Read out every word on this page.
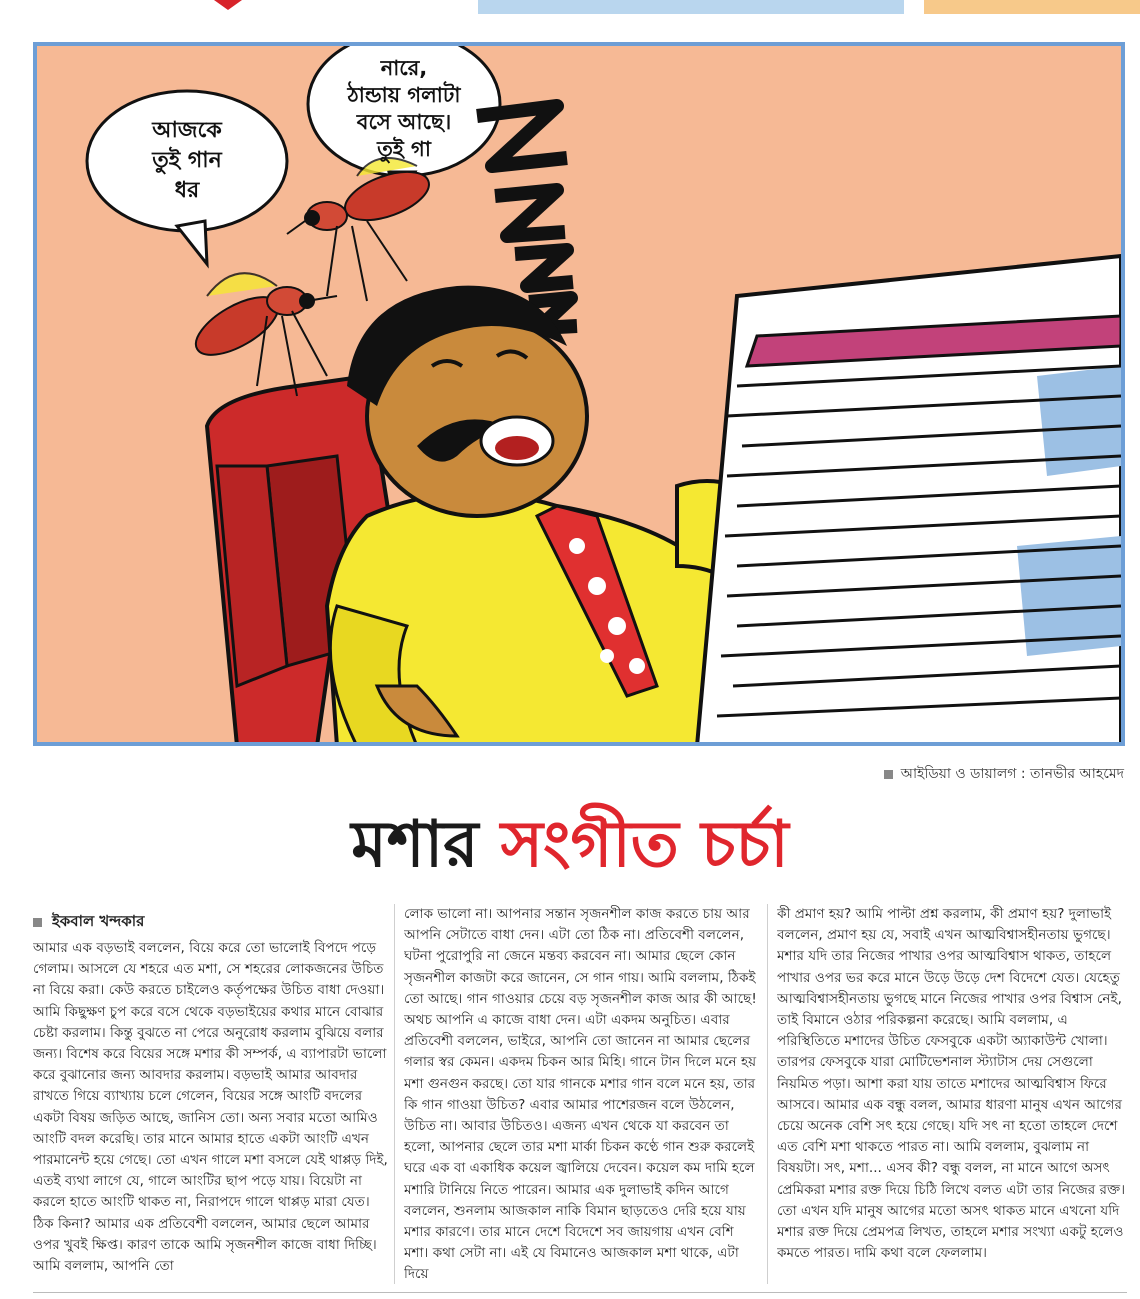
আজকে
তুই গান
ধর
নারে,
ঠান্ডায় গলাটা
বসে আছে।
তুই গা
আইডিয়া ও ডায়ালগ : তানভীর আহমেদ
মশার সংগীত চর্চা
ইকবাল খন্দকার

আমার এক বড়ভাই বললেন, বিয়ে করে তো ভালোই বিপদে পড়ে গেলাম। আসলে যে শহরে এত মশা, সে শহরের লোকজনের উচিত না বিয়ে করা। কেউ করতে চাইলেও কর্তৃপক্ষের উচিত বাধা দেওয়া। আমি কিছুক্ষণ চুপ করে বসে থেকে বড়ভাইয়ের কথার মানে বোঝার চেষ্টা করলাম। কিন্তু বুঝতে না পেরে অনুরোধ করলাম বুঝিয়ে বলার জন্য। বিশেষ করে বিয়ের সঙ্গে মশার কী সম্পর্ক, এ ব্যাপারটা ভালো করে বুঝানোর জন্য আবদার করলাম। বড়ভাই আমার আবদার রাখতে গিয়ে ব্যাখ্যায় চলে গেলেন, বিয়ের সঙ্গে আংটি বদলের একটা বিষয় জড়িত আছে, জানিস তো। অন্য সবার মতো আমিও আংটি বদল করেছি। তার মানে আমার হাতে একটা আংটি এখন পারমানেন্ট হয়ে গেছে। তো এখন গালে মশা বসলে যেই থাপ্পড় দিই, এতই ব্যথা লাগে যে, গালে আংটির ছাপ পড়ে যায়। বিয়েটা না করলে হাতে আংটি থাকত না, নিরাপদে গালে থাপ্পড় মারা যেত। ঠিক কিনা? আমার এক প্রতিবেশী বললেন, আমার ছেলে আমার ওপর খুবই ক্ষিপ্ত। কারণ তাকে আমি সৃজনশীল কাজে বাধা দিচ্ছি। আমি বললাম, আপনি তো

লোক ভালো না। আপনার সন্তান সৃজনশীল কাজ করতে চায় আর আপনি সেটাতে বাধা দেন। এটা তো ঠিক না। প্রতিবেশী বললেন, ঘটনা পুরোপুরি না জেনে মন্তব্য করবেন না। আমার ছেলে কোন সৃজনশীল কাজটা করে জানেন, সে গান গায়। আমি বললাম, ঠিকই তো আছে। গান গাওয়ার চেয়ে বড় সৃজনশীল কাজ আর কী আছে! অথচ আপনি এ কাজে বাধা দেন। এটা একদম অনুচিত। এবার প্রতিবেশী বললেন, ভাইরে, আপনি তো জানেন না আমার ছেলের গলার স্বর কেমন। একদম চিকন আর মিহি। গানে টান দিলে মনে হয় মশা গুনগুন করছে। তো যার গানকে মশার গান বলে মনে হয়, তার কি গান গাওয়া উচিত? এবার আমার পাশেরজন বলে উঠলেন, উচিত না। আবার উচিতও। এজন্য এখন থেকে যা করবেন তা হলো, আপনার ছেলে তার মশা মার্কা চিকন কণ্ঠে গান শুরু করলেই ঘরে এক বা একাধিক কয়েল জ্বালিয়ে দেবেন। কয়েল কম দামি হলে মশারি টানিয়ে নিতে পারেন। আমার এক দুলাভাই কদিন আগে বললেন, শুনলাম আজকাল নাকি বিমান ছাড়তেও দেরি হয়ে যায় মশার কারণে। তার মানে দেশে বিদেশে সব জায়গায় এখন বেশি মশা। কথা সেটা না। এই যে বিমানেও আজকাল মশা থাকে, এটা দিয়ে

কী প্রমাণ হয়? আমি পাল্টা প্রশ্ন করলাম, কী প্রমাণ হয়? দুলাভাই বললেন, প্রমাণ হয় যে, সবাই এখন আত্মবিশ্বাসহীনতায় ভুগছে। মশার যদি তার নিজের পাখার ওপর আত্মবিশ্বাস থাকত, তাহলে পাখার ওপর ভর করে মানে উড়ে উড়ে দেশ বিদেশে যেত। যেহেতু আত্মবিশ্বাসহীনতায় ভুগছে মানে নিজের পাখার ওপর বিশ্বাস নেই, তাই বিমানে ওঠার পরিকল্পনা করেছে। আমি বললাম, এ পরিস্থিতিতে মশাদের উচিত ফেসবুকে একটা অ্যাকাউন্ট খোলা। তারপর ফেসবুকে যারা মোটিভেশনাল স্ট্যাটাস দেয় সেগুলো নিয়মিত পড়া। আশা করা যায় তাতে মশাদের আত্মবিশ্বাস ফিরে আসবে। আমার এক বন্ধু বলল, আমার ধারণা মানুষ এখন আগের চেয়ে অনেক বেশি সৎ হয়ে গেছে। যদি সৎ না হতো তাহলে দেশে এত বেশি মশা থাকতে পারত না। আমি বললাম, বুঝলাম না বিষয়টা। সৎ, মশা... এসব কী? বন্ধু বলল, না মানে আগে অসৎ প্রেমিকরা মশার রক্ত দিয়ে চিঠি লিখে বলত এটা তার নিজের রক্ত। তো এখন যদি মানুষ আগের মতো অসৎ থাকত মানে এখনো যদি মশার রক্ত দিয়ে প্রেমপত্র লিখত, তাহলে মশার সংখ্যা একটু হলেও কমতে পারত। দামি কথা বলে ফেললাম।
